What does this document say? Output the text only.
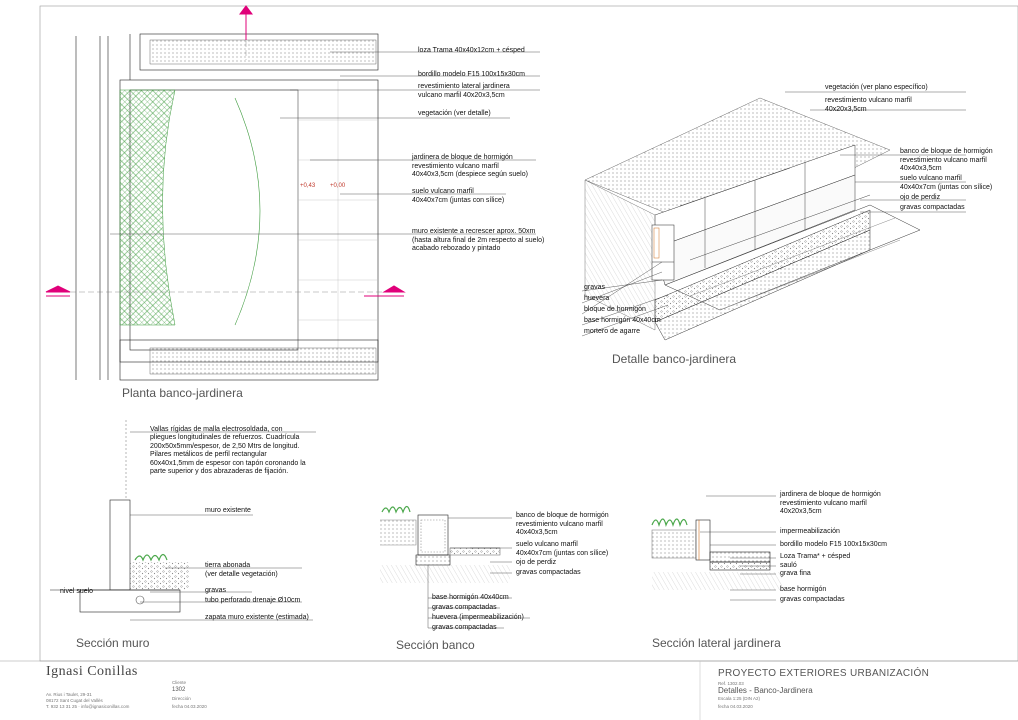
loza Trama 40x40x12cm + césped
bordillo modelo F15 100x15x30cm
revestimiento lateral jardinera
vulcano marfil 40x20x3,5cm
vegetación (ver detalle)
jardinera de bloque de hormigón
revestimiento vulcano marfil
40x40x3,5cm (despiece según suelo)
suelo vulcano marfil
40x40x7cm (juntas con sílice)
muro existente a recrescer aprox. 50xm
(hasta altura final de 2m respecto al suelo)
acabado rebozado y pintado
+0,43 +0,00
Planta banco-jardinera
vegetación (ver plano específico)
revestimiento vulcano marfil
40x20x3,5cm
banco de bloque de hormigón
revestimiento vulcano marfil
40x40x3,5cm
suelo vulcano marfil
40x40x7cm (juntas con sílice)
ojo de perdiz
gravas compactadas
gravas
huevera
bloque de hormigón
base hormigón 40x40cm
mortero de agarre
Detalle banco-jardinera
Vallas rígidas de malla electrosoldada, con
pliegues longitudinales de refuerzos. Cuadrícula
200x50x5mm/espesor, de 2,50 Mtrs de longitud.
Pilares metálicos de perfil rectangular
60x40x1,5mm de espesor con tapón coronando la
parte superior y dos abrazaderas de fijación.
muro existente
tierra abonada
(ver detalle vegetación)
gravas
tubo perforado drenaje Ø10cm
zapata muro existente (estimada)
nivel suelo
Sección muro
banco de bloque de hormigón
revestimiento vulcano marfil
40x40x3,5cm
suelo vulcano marfil
40x40x7cm (juntas con sílice)
ojo de perdiz
gravas compactadas
base hormigón 40x40cm
gravas compactadas
huevera (impermeabilización)
gravas compactadas
Sección banco
jardinera de bloque de hormigón
revestimiento vulcano marfil
40x20x3,5cm
impermeabilización
bordillo modelo F15 100x15x30cm
Loza Trama* + césped
sauló
grava fina
base hormigón
gravas compactadas
Sección lateral jardinera
Ignasi Conillas
Av. Rius i Taulet, 29-31
08172 Sant Cugat del Vallès
T. 932 13 31 25 · info@ignasiconillas.com
Cliente
1302
Dirección
fecha 04.03.2020
PROYECTO EXTERIORES URBANIZACIÓN
Ref. 1302.03
Detalles - Banco-Jardinera
Escala 1:25 (DIN A2)
fecha 04.03.2020
